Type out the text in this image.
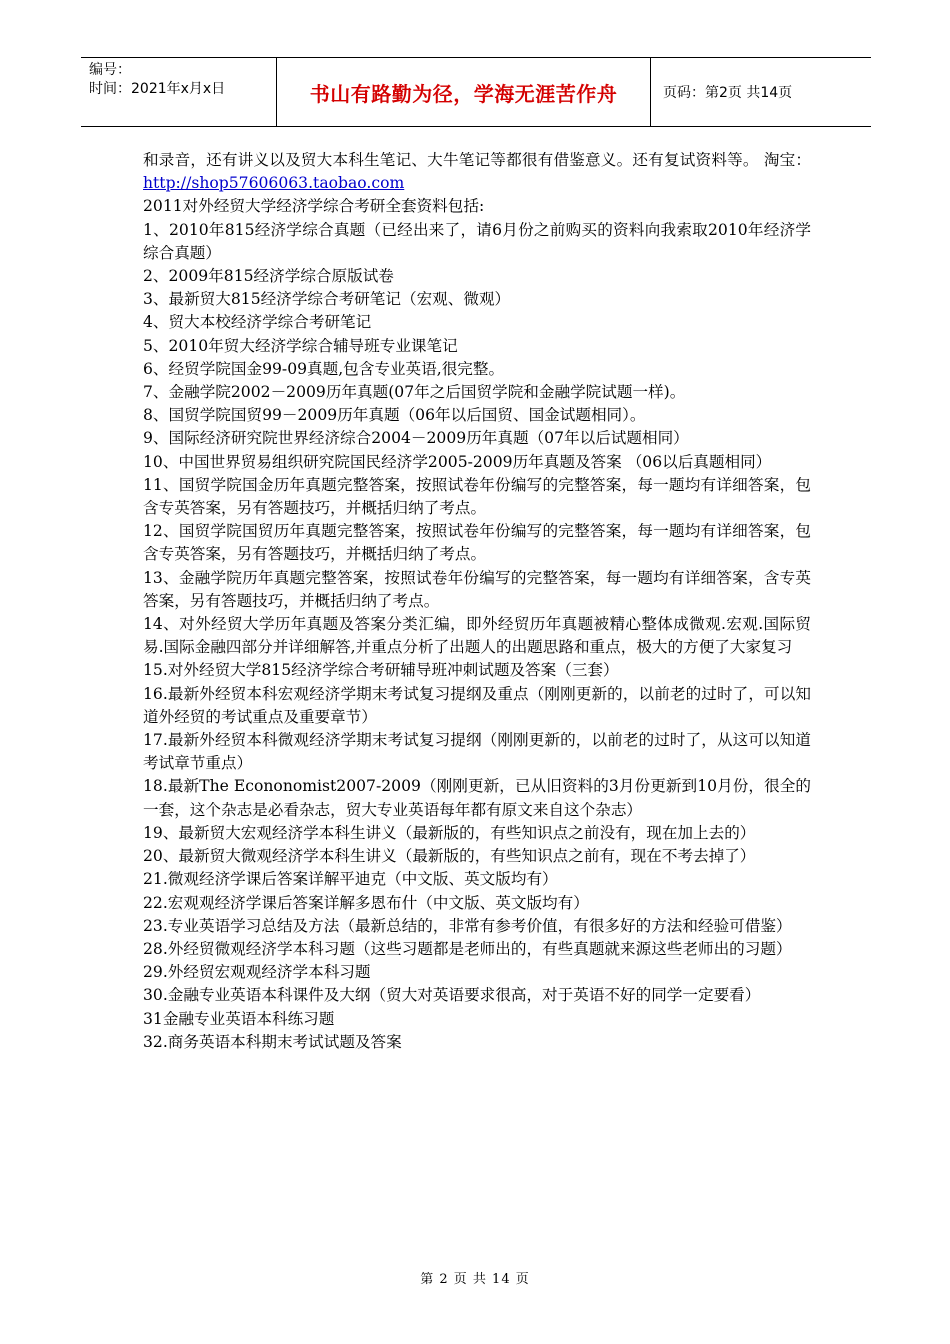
编号：
时间：2021年x月x日	书山有路勤为径，学海无涯苦作舟	页码：第2页 共14页

和录音，还有讲义以及贸大本科生笔记、大牛笔记等都很有借鉴意义。还有复试资料等。 淘宝：http://shop57606063.taobao.com

2011对外经贸大学经济学综合考研全套资料包括:

1、2010年815经济学综合真题（已经出来了，请6月份之前购买的资料向我索取2010年经济学综合真题）

2、2009年815经济学综合原版试卷

3、最新贸大815经济学综合考研笔记（宏观、微观）

4、贸大本校经济学综合考研笔记

5、2010年贸大经济学综合辅导班专业课笔记

6、经贸学院国金99-09真题,包含专业英语,很完整。

7、金融学院2002－2009历年真题(07年之后国贸学院和金融学院试题一样)。

8、国贸学院国贸99－2009历年真题（06年以后国贸、国金试题相同）。

9、国际经济研究院世界经济综合2004－2009历年真题（07年以后试题相同）

10、中国世界贸易组织研究院国民经济学2005-2009历年真题及答案 （06以后真题相同）

11、国贸学院国金历年真题完整答案，按照试卷年份编写的完整答案，每一题均有详细答案，包含专英答案，另有答题技巧，并概括归纳了考点。

12、国贸学院国贸历年真题完整答案，按照试卷年份编写的完整答案，每一题均有详细答案，包含专英答案，另有答题技巧，并概括归纳了考点。

13、金融学院历年真题完整答案，按照试卷年份编写的完整答案，每一题均有详细答案，含专英答案，另有答题技巧，并概括归纳了考点。

14、对外经贸大学历年真题及答案分类汇编，即外经贸历年真题被精心整体成微观.宏观.国际贸易.国际金融四部分并详细解答,并重点分析了出题人的出题思路和重点，极大的方便了大家复习

15.对外经贸大学815经济学综合考研辅导班冲刺试题及答案（三套）

16.最新外经贸本科宏观经济学期末考试复习提纲及重点（刚刚更新的，以前老的过时了，可以知道外经贸的考试重点及重要章节）

17.最新外经贸本科微观经济学期末考试复习提纲（刚刚更新的，以前老的过时了，从这可以知道考试章节重点）

18.最新The Econonomist2007-2009（刚刚更新，已从旧资料的3月份更新到10月份，很全的一套，这个杂志是必看杂志，贸大专业英语每年都有原文来自这个杂志）

19、最新贸大宏观经济学本科生讲义（最新版的，有些知识点之前没有，现在加上去的）

20、最新贸大微观经济学本科生讲义（最新版的，有些知识点之前有，现在不考去掉了）

21.微观经济学课后答案详解平迪克（中文版、英文版均有）

22.宏观观经济学课后答案详解多恩布什（中文版、英文版均有）

23.专业英语学习总结及方法（最新总结的，非常有参考价值，有很多好的方法和经验可借鉴）

28.外经贸微观经济学本科习题（这些习题都是老师出的，有些真题就来源这些老师出的习题）

29.外经贸宏观观经济学本科习题

30.金融专业英语本科课件及大纲（贸大对英语要求很高，对于英语不好的同学一定要看）

31金融专业英语本科练习题

32.商务英语本科期末考试试题及答案

第 2 页 共 14 页
